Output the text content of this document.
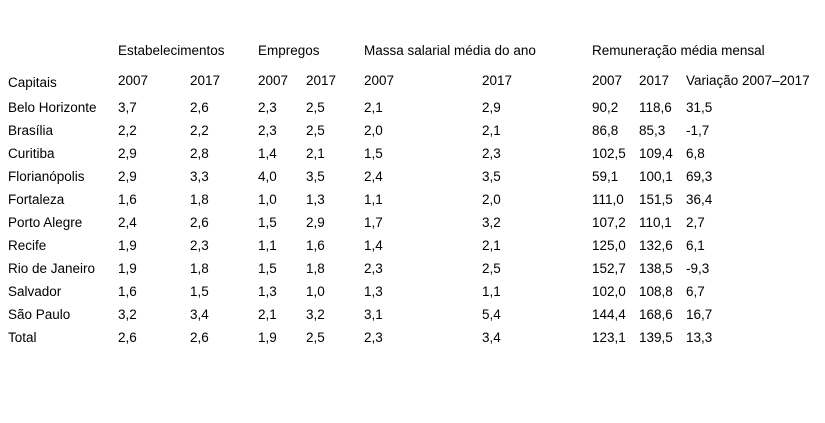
Capitais	Estabelecimentos		Empregos		Massa salarial média do ano		Remuneração média mensal		
	2007	2017	2007	2017	2007	2017	2007	2017	Variação 2007–2017
Belo Horizonte	3,7	2,6	2,3	2,5	2,1	2,9	90,2	118,6	31,5
Brasília	2,2	2,2	2,3	2,5	2,0	2,1	86,8	85,3	-1,7
Curitiba	2,9	2,8	1,4	2,1	1,5	2,3	102,5	109,4	6,8
Florianópolis	2,9	3,3	4,0	3,5	2,4	3,5	59,1	100,1	69,3
Fortaleza	1,6	1,8	1,0	1,3	1,1	2,0	111,0	151,5	36,4
Porto Alegre	2,4	2,6	1,5	2,9	1,7	3,2	107,2	110,1	2,7
Recife	1,9	2,3	1,1	1,6	1,4	2,1	125,0	132,6	6,1
Rio de Janeiro	1,9	1,8	1,5	1,8	2,3	2,5	152,7	138,5	-9,3
Salvador	1,6	1,5	1,3	1,0	1,3	1,1	102,0	108,8	6,7
São Paulo	3,2	3,4	2,1	3,2	3,1	5,4	144,4	168,6	16,7
Total	2,6	2,6	1,9	2,5	2,3	3,4	123,1	139,5	13,3
